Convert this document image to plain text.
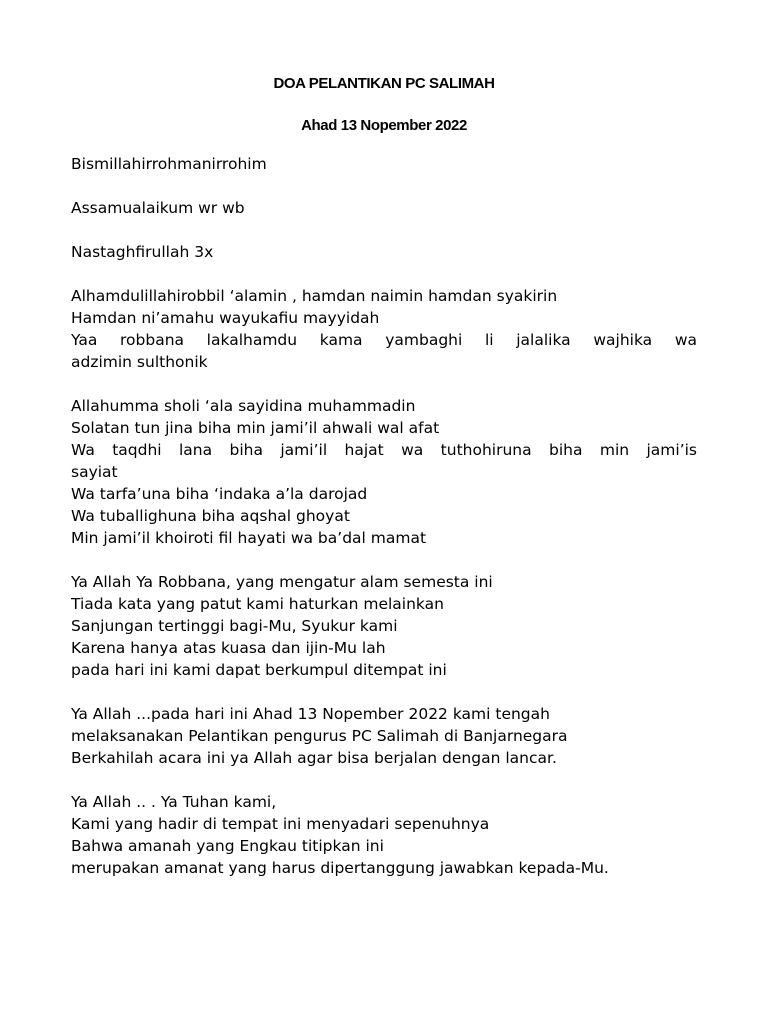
DOA PELANTIKAN PC SALIMAH
Ahad 13 Nopember 2022
Bismillahirrohmanirrohim
Assamualaikum wr wb
Nastaghfirullah 3x
Alhamdulillahirobbil ‘alamin , hamdan naimin hamdan syakirin
Hamdan ni’amahu wayukafiu mayyidah
Yaa robbana lakalhamdu kama yambaghi li jalalika wajhika wa
adzimin sulthonik
Allahumma sholi ‘ala sayidina muhammadin
Solatan tun jina biha min jami’il ahwali wal afat
Wa taqdhi lana biha jami’il hajat wa tuthohiruna biha min jami’is
sayiat
Wa tarfa’una biha ‘indaka a’la darojad
Wa tuballighuna biha aqshal ghoyat
Min jami’il khoiroti fil hayati wa ba’dal mamat
Ya Allah Ya Robbana, yang mengatur alam semesta ini
Tiada kata yang patut kami haturkan melainkan
Sanjungan tertinggi bagi-Mu, Syukur kami
Karena hanya atas kuasa dan ijin-Mu lah
pada hari ini kami dapat berkumpul ditempat ini
Ya Allah ...pada hari ini Ahad 13 Nopember 2022 kami tengah
melaksanakan Pelantikan pengurus PC Salimah di Banjarnegara
Berkahilah acara ini ya Allah agar bisa berjalan dengan lancar.
Ya Allah .. . Ya Tuhan kami,
Kami yang hadir di tempat ini menyadari sepenuhnya
Bahwa amanah yang Engkau titipkan ini
merupakan amanat yang harus dipertanggung jawabkan kepada-Mu.
